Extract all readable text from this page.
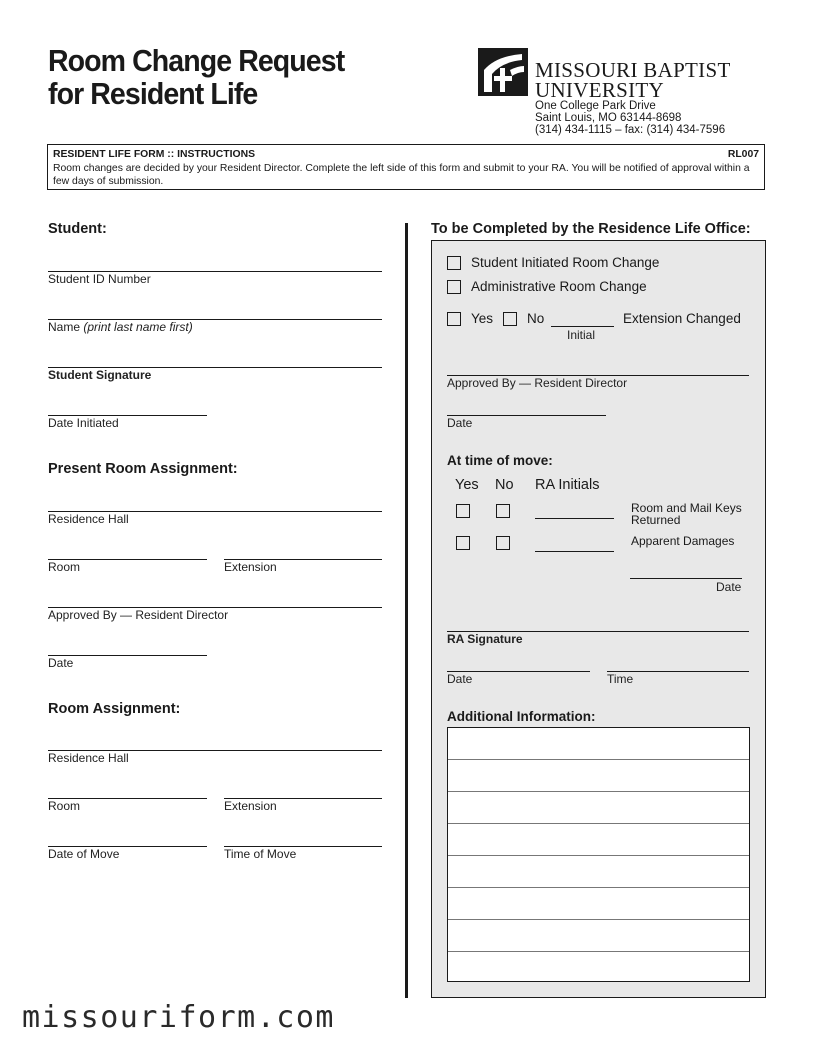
Room Change Request
for Resident Life
MISSOURI BAPTIST
UNIVERSITY
One College Park Drive
Saint Louis, MO 63144-8698
(314) 434-1115 – fax: (314) 434-7596
RESIDENT LIFE FORM :: INSTRUCTIONS	RL007
Room changes are decided by your Resident Director. Complete the left side of this form and submit to your RA. You will be notified of approval within a few days of submission.
Student:
Student ID Number
Name (print last name first)
Student Signature
Date Initiated
Present Room Assignment:
Residence Hall
Room	Extension
Approved By — Resident Director
Date
Room Assignment:
Residence Hall
Room	Extension
Date of Move	Time of Move
To be Completed by the Residence Life Office:
Student Initiated Room Change
Administrative Room Change
Yes	No
Initial
Extension Changed
Approved By — Resident Director
Date
At time of move:
Yes No RA Initials
Room and Mail Keys
Returned
Apparent Damages
Date
RA Signature
Date	Time
Additional Information:
missouriform.com
